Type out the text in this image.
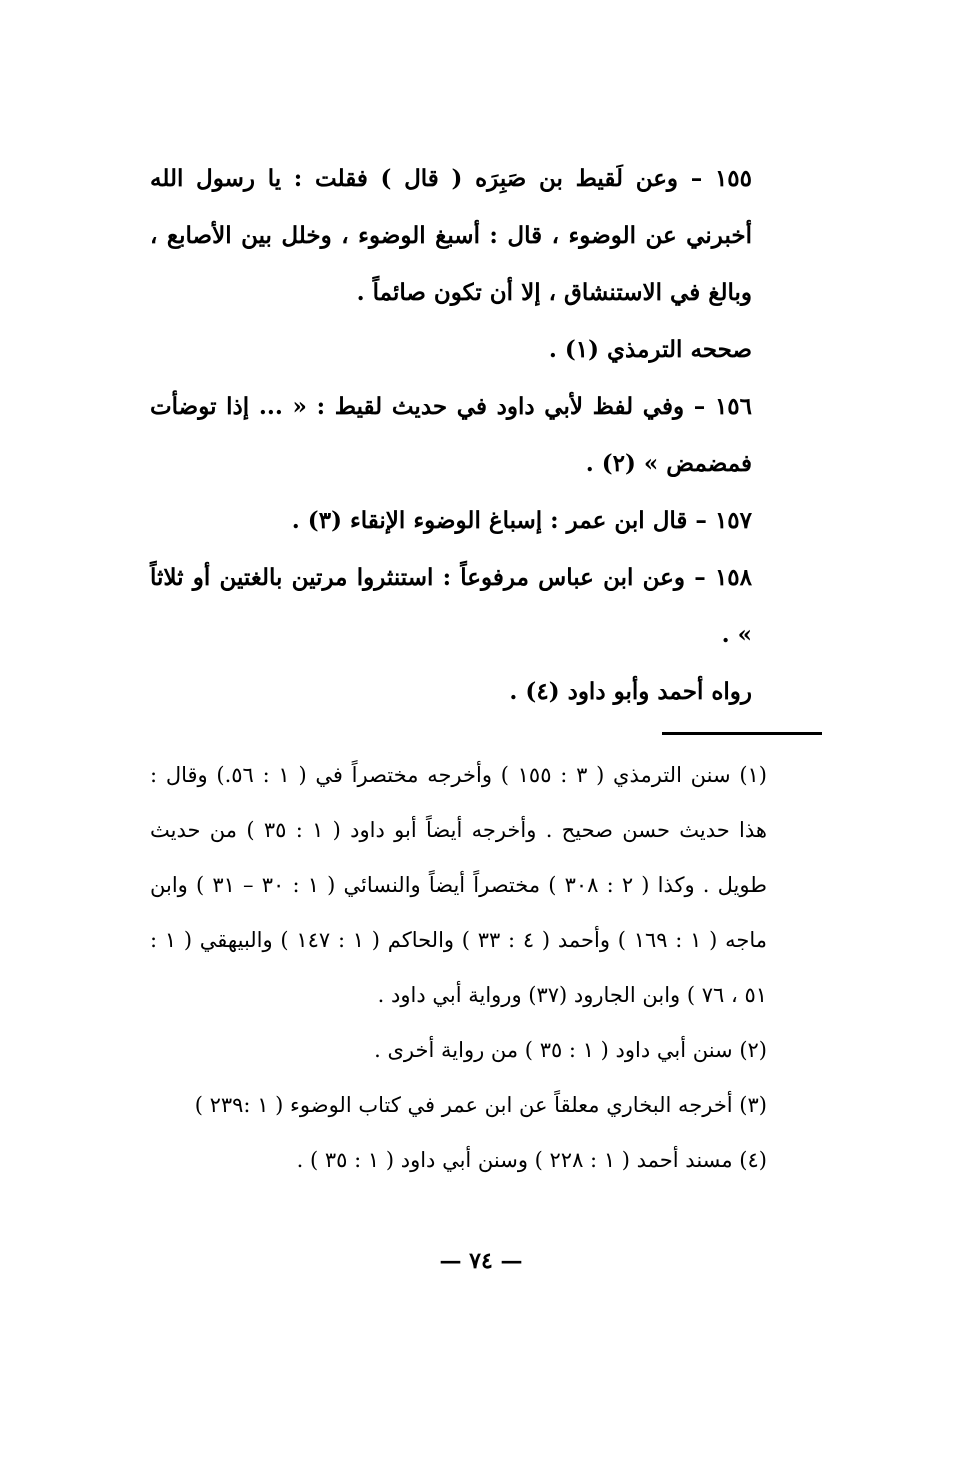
١٥٥ – وعن لَقيط بن صَبِرَه ( قال ) فقلت : يا رسول الله أخبرني عن الوضوء ، قال : أسبغ الوضوء ، وخلل بين الأصابع ، وبالغ في الاستنشاق ، إلا أن تكون صائماً .

صححه الترمذي (١) .

١٥٦ – وفي لفظ لأبي داود في حديث لقيط : « ... إذا توضأت فمضمض » (٢) .

١٥٧ – قال ابن عمر : إسباغ الوضوء الإنقاء (٣) .

١٥٨ – وعن ابن عباس مرفوعاً : استنثروا مرتين بالغتين أو ثلاثاً » .

رواه أحمد وأبو داود (٤) .

(١) سنن الترمذي ( ٣ : ١٥٥ ) وأخرجه مختصراً في ( ١ : ٥٦.) وقال : هذا حديث حسن صحيح . وأخرجه أيضاً أبو داود ( ١ : ٣٥ ) من حديث طويل . وكذا ( ٢ : ٣٠٨ ) مختصراً أيضاً والنسائي ( ١ : ٣٠ – ٣١ ) وابن ماجه ( ١ : ١٦٩ ) وأحمد ( ٤ : ٣٣ ) والحاكم ( ١ : ١٤٧ ) والبيهقي ( ١ : ٥١ ، ٧٦ ) وابن الجارود (٣٧) ورواية أبي داود .

(٢) سنن أبي داود ( ١ : ٣٥ ) من رواية أخرى .

(٣) أخرجه البخاري معلقاً عن ابن عمر في كتاب الوضوء ( ١ :٢٣٩ )

(٤) مسند أحمد ( ١ : ٢٢٨ ) وسنن أبي داود ( ١ : ٣٥ ) .

— ٧٤ —
